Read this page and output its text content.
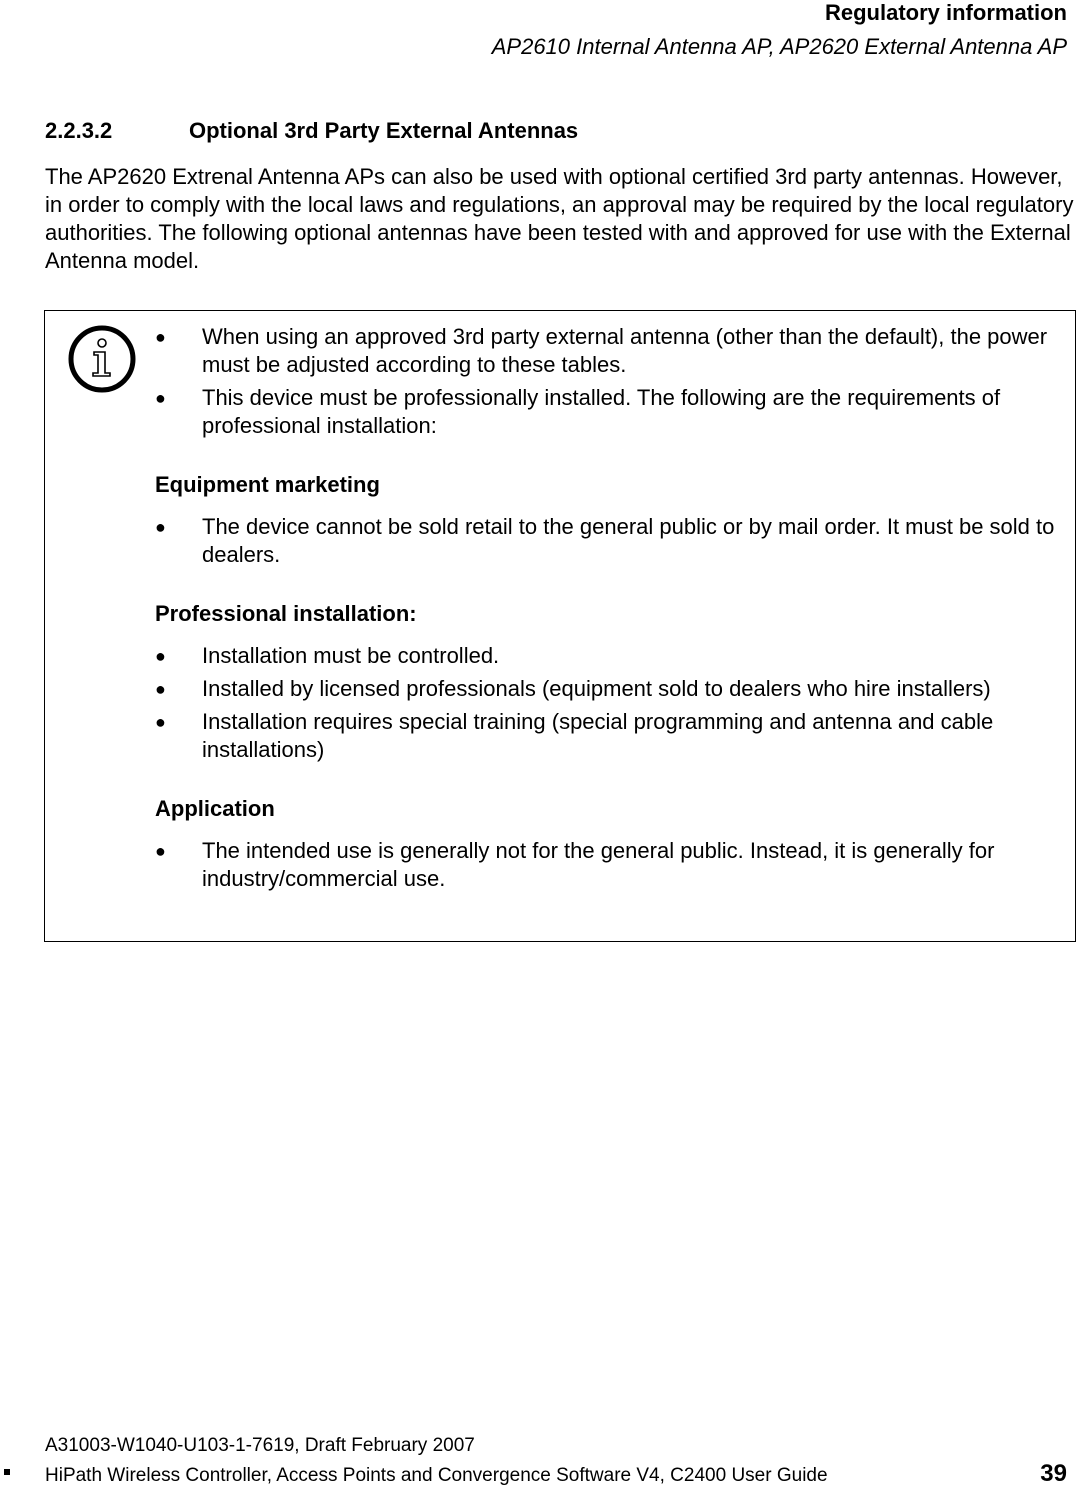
Regulatory information
AP2610 Internal Antenna AP, AP2620 External Antenna AP
2.2.3.2	Optional 3rd Party External Antennas

The AP2620 Extrenal Antenna APs can also be used with optional certified 3rd party antennas. However, in order to comply with the local laws and regulations, an approval may be required by the local regulatory authorities. The following optional antennas have been tested with and approved for use with the External Antenna model.

●	When using an approved 3rd party external antenna (other than the default), the power must be adjusted according to these tables.
●	This device must be professionally installed. The following are the requirements of professional installation:
Equipment marketing
●	The device cannot be sold retail to the general public or by mail order. It must be sold to dealers.
Professional installation:
●	Installation must be controlled.
●	Installed by licensed professionals (equipment sold to dealers who hire installers)
●	Installation requires special training (special programming and antenna and cable installations)
Application
●	The intended use is generally not for the general public. Instead, it is generally for industry/commercial use.
A31003-W1040-U103-1-7619, Draft February 2007
HiPath Wireless Controller, Access Points and Convergence Software V4, C2400 User Guide	39
